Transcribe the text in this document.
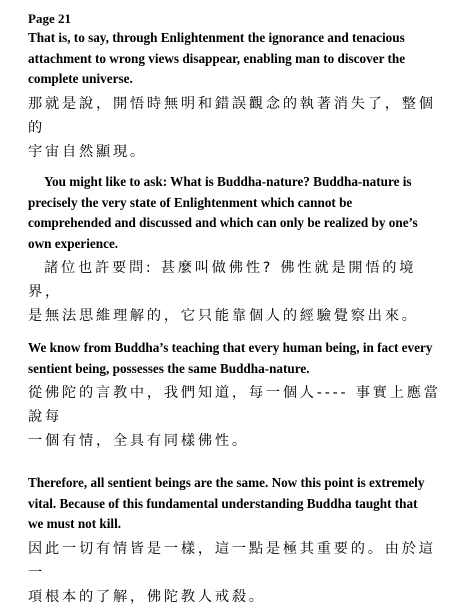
Page 21

That is, to say, through Enlightenment the ignorance and tenacious
attachment to wrong views disappear, enabling man to discover the
complete universe.

那就是說，開悟時無明和錯誤觀念的執著消失了，整個的
宇宙自然顯現。

You might like to ask: What is Buddha-nature? Buddha-nature is
precisely the very state of Enlightenment which cannot be
comprehended and discussed and which can only be realized by one’s
own experience.

諸位也許要問: 甚麼叫做佛性? 佛性就是開悟的境界，
是無法思維理解的，它只能靠個人的經驗覺察出來。

We know from Buddha’s teaching that every human being, in fact every
sentient being, possesses the same Buddha-nature.

從佛陀的言教中，我們知道，每一個人---- 事實上應當說每
一個有情，全具有同樣佛性。

Therefore, all sentient beings are the same. Now this point is extremely
vital. Because of this fundamental understanding Buddha taught that
we must not kill.

因此一切有情皆是一樣，這一點是極其重要的。由於這一
項根本的了解，佛陀教人戒殺。
